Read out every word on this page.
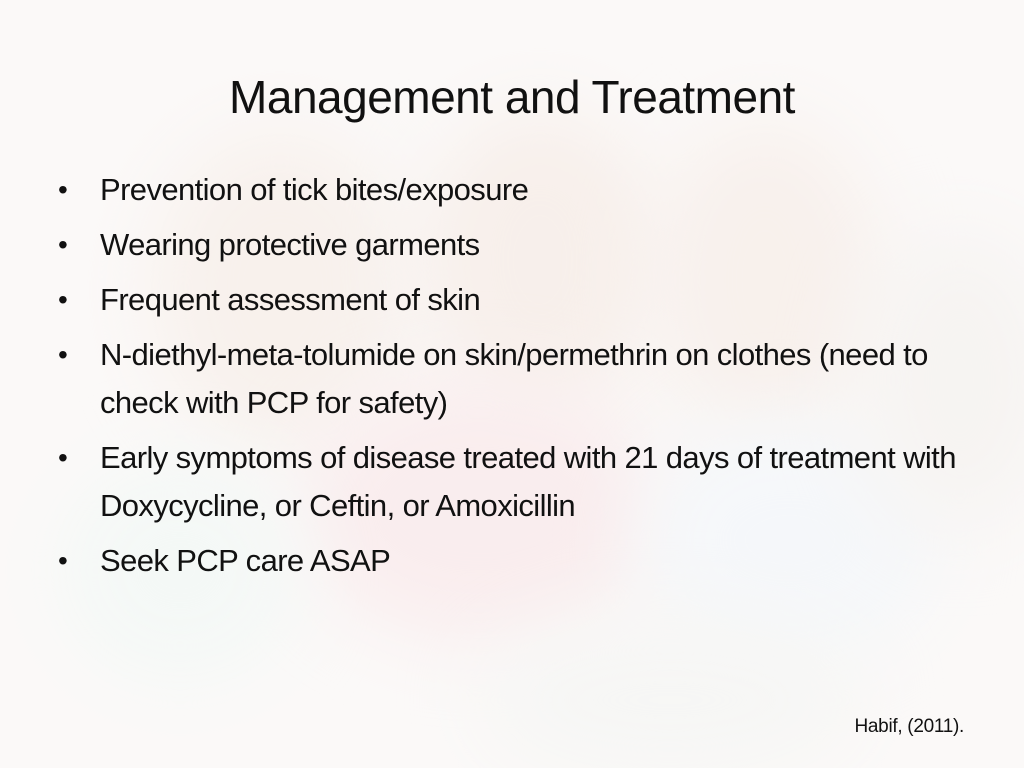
Management and Treatment
• Prevention of tick bites/exposure
• Wearing protective garments
• Frequent assessment of skin
• N-diethyl-meta-tolumide on skin/permethrin on clothes (need to check with PCP for safety)
• Early symptoms of disease treated with 21 days of treatment with Doxycycline, or Ceftin, or Amoxicillin
• Seek PCP care ASAP
Habif, (2011).
